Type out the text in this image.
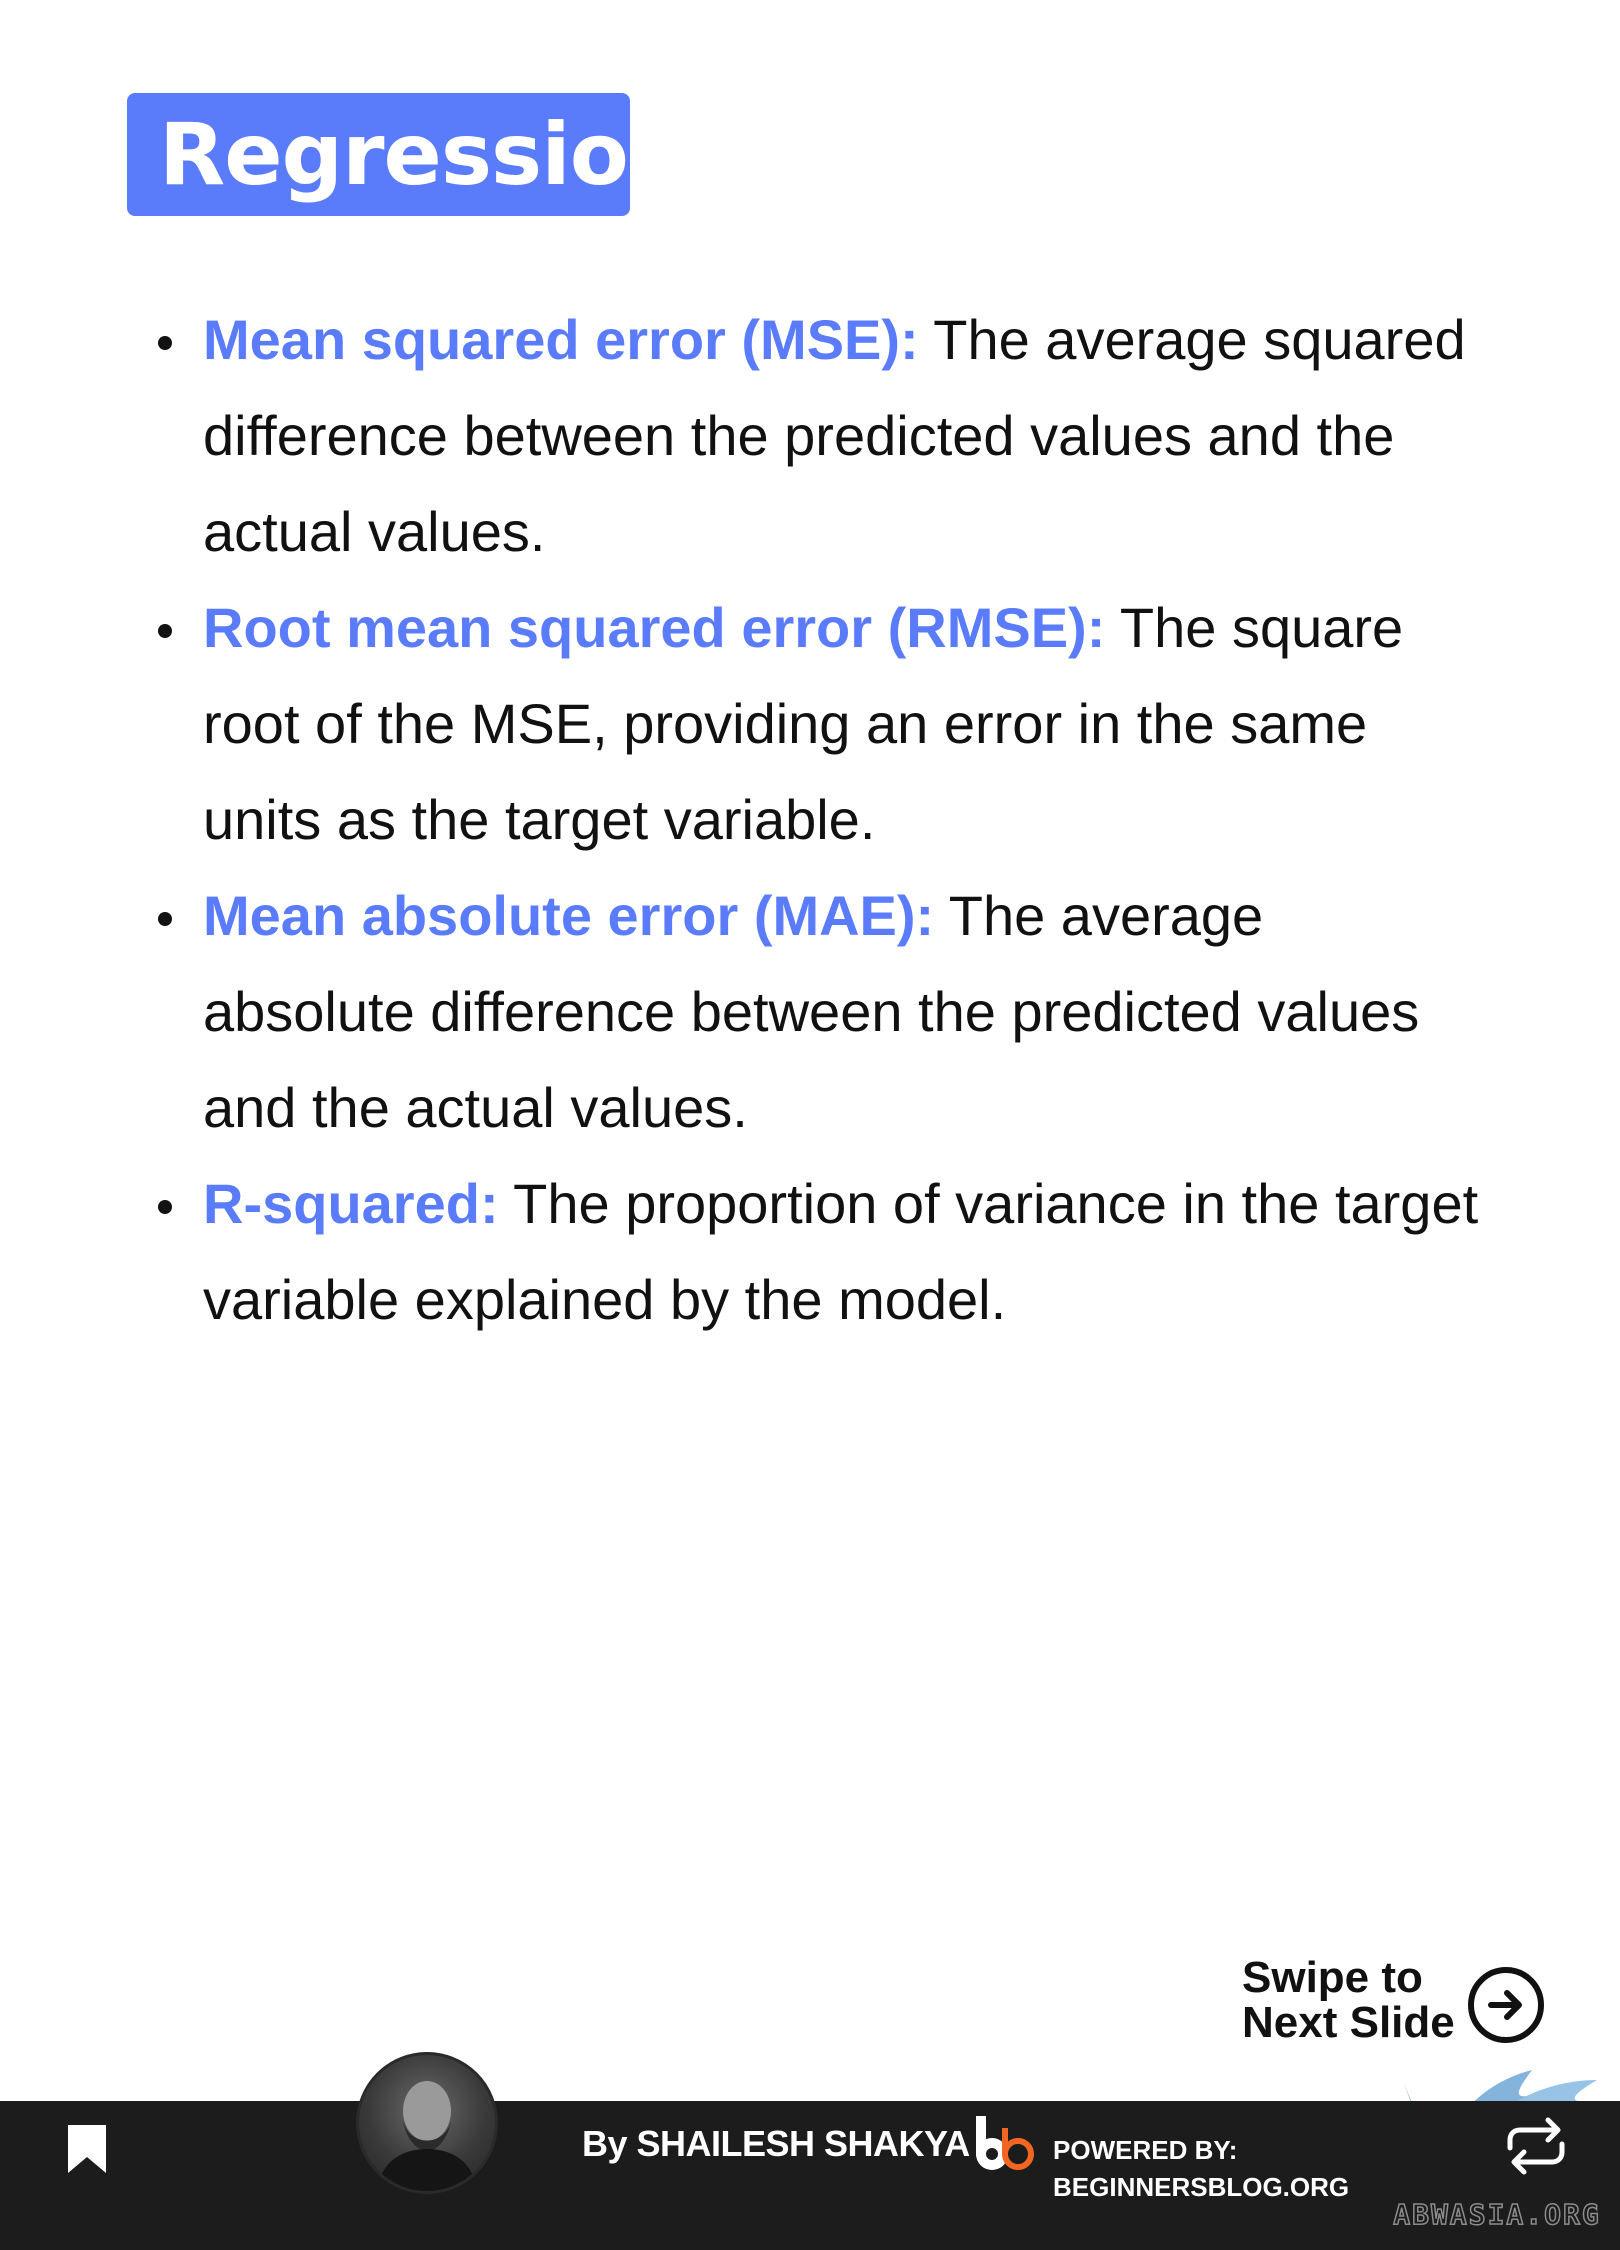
Regression:
Mean squared error (MSE): The average squared difference between the predicted values and the actual values.
Root mean squared error (RMSE): The square root of the MSE, providing an error in the same units as the target variable.
Mean absolute error (MAE): The average absolute difference between the predicted values and the actual values.
R-squared: The proportion of variance in the target variable explained by the model.
Swipe to
Next Slide
By SHAILESH SHAKYA	POWERED BY:
BEGINNERSBLOG.ORG
ABWASIA.ORG
